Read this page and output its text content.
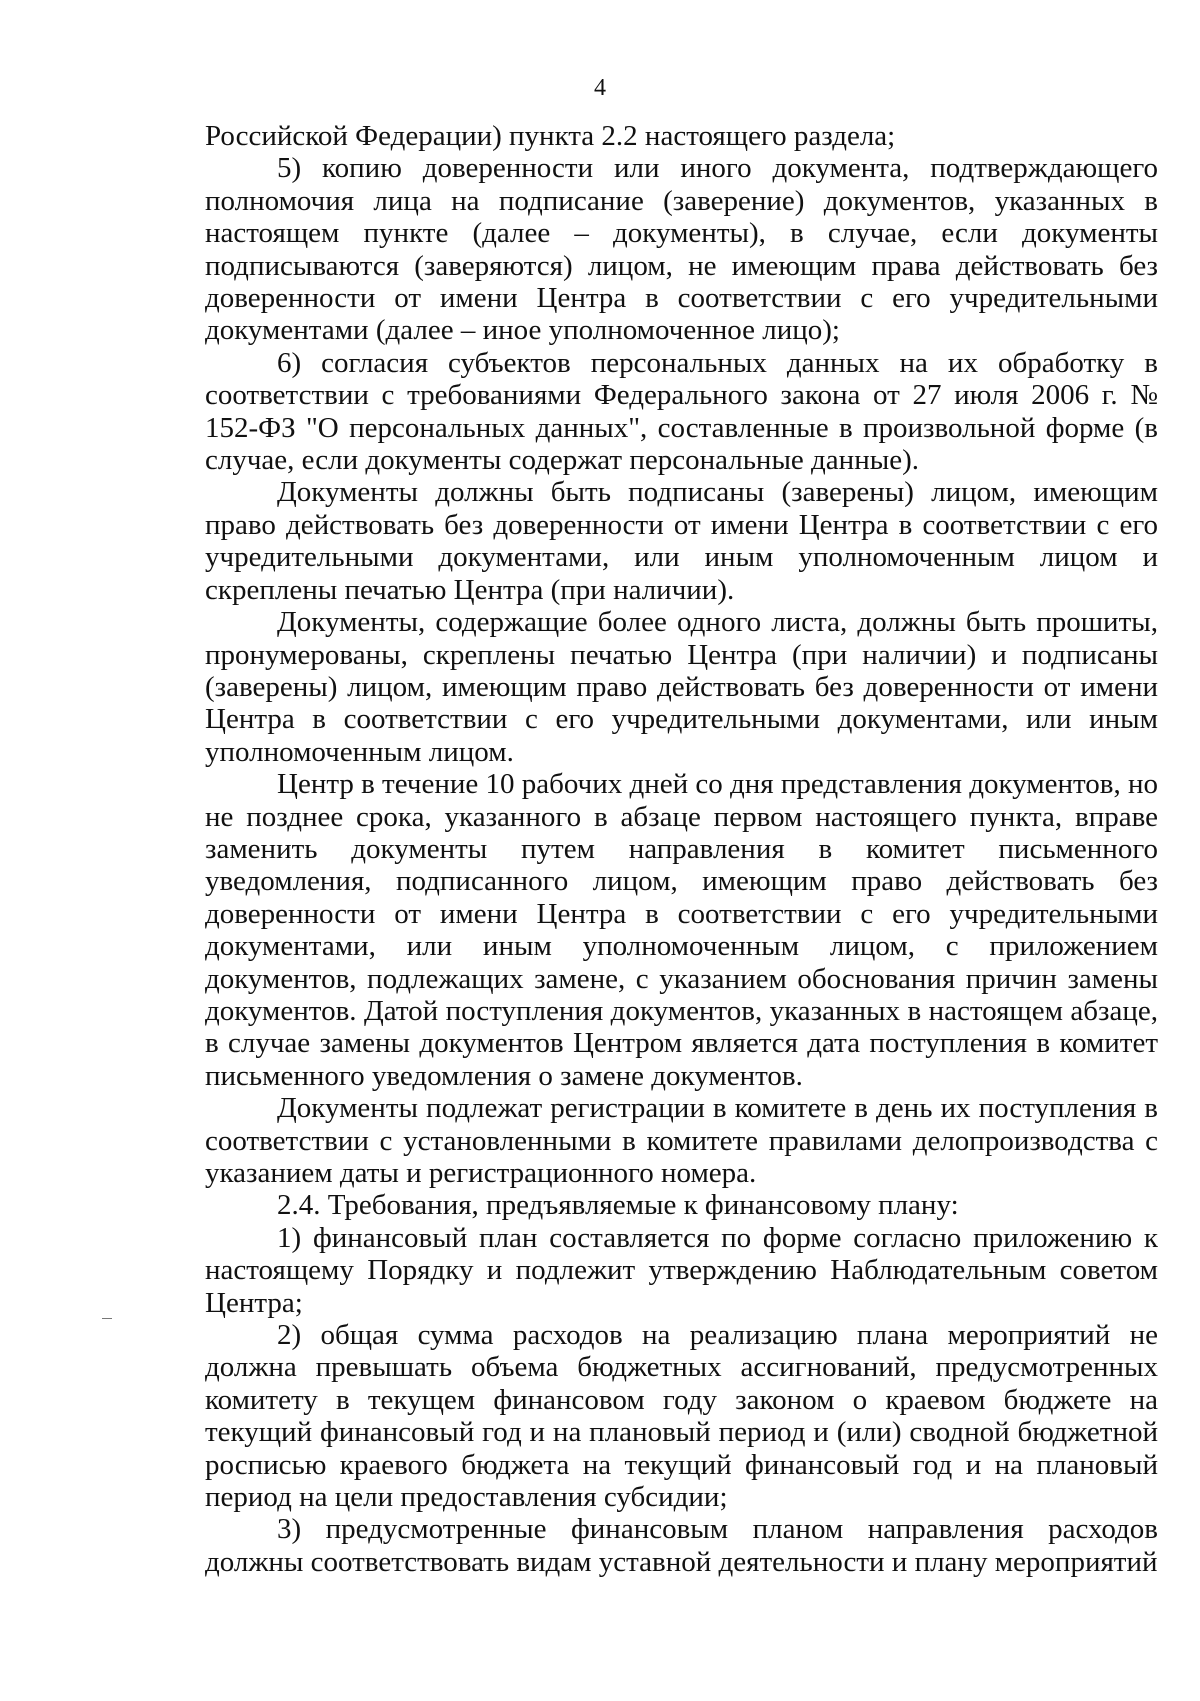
4

Российской Федерации) пункта 2.2 настоящего раздела;

5) копию доверенности или иного документа, подтверждающего полномочия лица на подписание (заверение) документов, указанных в настоящем пункте (далее – документы), в случае, если документы подписываются (заверяются) лицом, не имеющим права действовать без доверенности от имени Центра в соответствии с его учредительными документами (далее – иное уполномоченное лицо);

6) согласия субъектов персональных данных на их обработку в соответствии с требованиями Федерального закона от 27 июля 2006 г. № 152-ФЗ "О персональных данных", составленные в произвольной форме (в случае, если документы содержат персональные данные).

Документы должны быть подписаны (заверены) лицом, имеющим право действовать без доверенности от имени Центра в соответствии с его учредительными документами, или иным уполномоченным лицом и скреплены печатью Центра (при наличии).

Документы, содержащие более одного листа, должны быть прошиты, пронумерованы, скреплены печатью Центра (при наличии) и подписаны (заверены) лицом, имеющим право действовать без доверенности от имени Центра в соответствии с его учредительными документами, или иным уполномоченным лицом.

Центр в течение 10 рабочих дней со дня представления документов, но не позднее срока, указанного в абзаце первом настоящего пункта, вправе заменить документы путем направления в комитет письменного уведомления, подписанного лицом, имеющим право действовать без доверенности от имени Центра в соответствии с его учредительными документами, или иным уполномоченным лицом, с приложением документов, подлежащих замене, с указанием обоснования причин замены документов. Датой поступления документов, указанных в настоящем абзаце, в случае замены документов Центром является дата поступления в комитет письменного уведомления о замене документов.

Документы подлежат регистрации в комитете в день их поступления в соответствии с установленными в комитете правилами делопроизводства с указанием даты и регистрационного номера.

2.4. Требования, предъявляемые к финансовому плану:

1) финансовый план составляется по форме согласно приложению к настоящему Порядку и подлежит утверждению Наблюдательным советом Центра;

2) общая сумма расходов на реализацию плана мероприятий не должна превышать объема бюджетных ассигнований, предусмотренных комитету в текущем финансовом году законом о краевом бюджете на текущий финансовый год и на плановый период и (или) сводной бюджетной росписью краевого бюджета на текущий финансовый год и на плановый период на цели предоставления субсидии;

3) предусмотренные финансовым планом направления расходов должны соответствовать видам уставной деятельности и плану мероприятий
